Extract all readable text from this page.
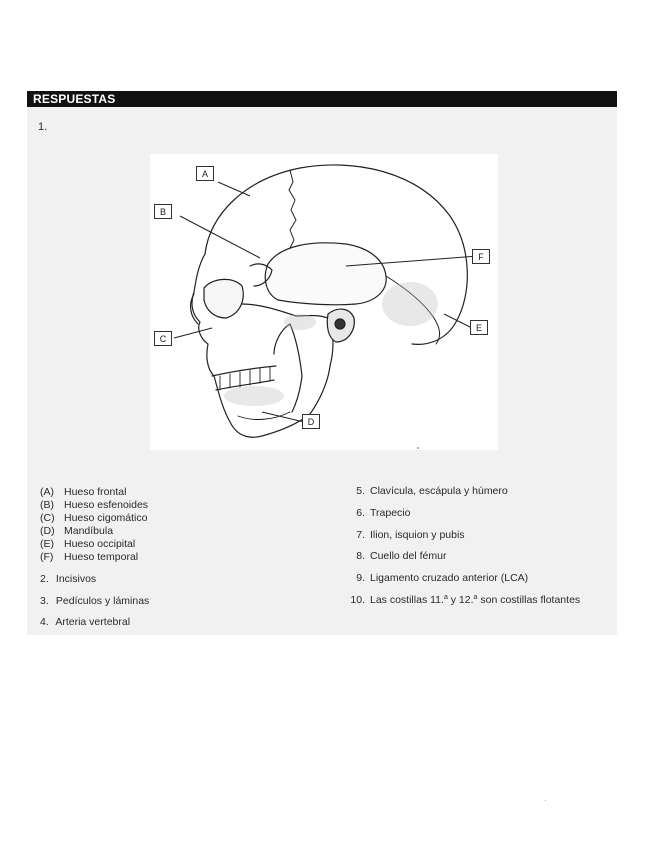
RESPUESTAS
1.
A
B
C
D
E
F
(A) Hueso frontal
(B) Hueso esfenoides
(C) Hueso cigomático
(D) Mandíbula
(E) Hueso occipital
(F) Hueso temporal
2. Incisivos
3. Pedículos y láminas
4. Arteria vertebral
5. Clavícula, escápula y húmero
6. Trapecio
7. Ilion, isquion y pubis
8. Cuello del fémur
9. Ligamento cruzado anterior (LCA)
10. Las costillas 11.$^a$ y 12.$^a$ son costillas flotantes
